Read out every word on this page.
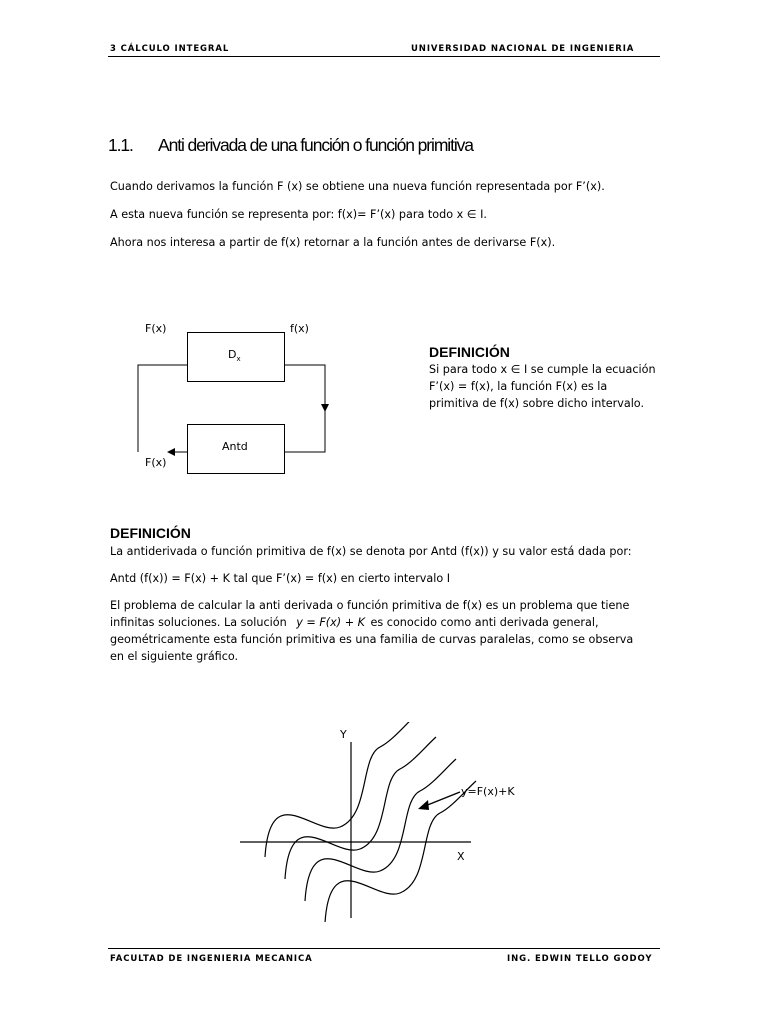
3 CÁLCULO INTEGRAL	UNIVERSIDAD NACIONAL DE INGENIERIA
1.1. Anti derivada de una función o función primitiva
Cuando derivamos la función F (x) se obtiene una nueva función representada por F’(x).
A esta nueva función se representa por: f(x)= F’(x) para todo x ∈ I.
Ahora nos interesa a partir de f(x) retornar a la función antes de derivarse F(x).
$D_x$
Antd
F(x)	f(x)
F(x)
DEFINICIÓN
Si para todo x ∈ I se cumple la ecuación
F’(x) = f(x), la función F(x) es la
primitiva de f(x) sobre dicho intervalo.
DEFINICIÓN
La antiderivada o función primitiva de f(x) se denota por Antd (f(x)) y su valor está dada por:
Antd (f(x)) = F(x) + K tal que F’(x) = f(x) en cierto intervalo I
El problema de calcular la anti derivada o función primitiva de f(x) es un problema que tiene
infinitas soluciones. La solución y = F(x) + K es conocido como anti derivada general,
geométricamente esta función primitiva es una familia de curvas paralelas, como se observa
en el siguiente gráfico.
Y
X
y=F(x)+K
FACULTAD DE INGENIERIA MECANICA	ING. EDWIN TELLO GODOY
